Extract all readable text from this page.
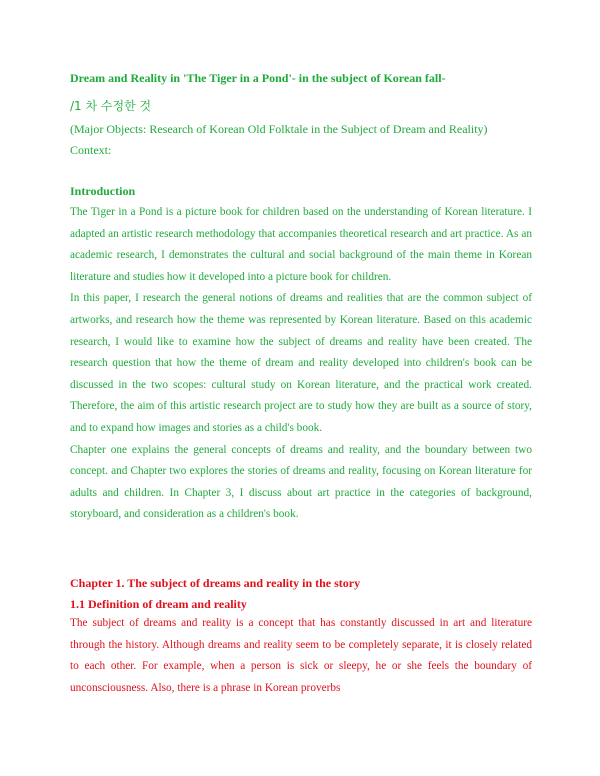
Dream and Reality in 'The Tiger in a Pond'- in the subject of Korean fall-
/1 차 수정한 것
(Major Objects: Research of Korean Old Folktale in the Subject of Dream and Reality)
Context:
Introduction

The Tiger in a Pond is a picture book for children based on the understanding of Korean literature. I adapted an artistic research methodology that accompanies theoretical research and art practice. As an academic research, I demonstrates the cultural and social background of the main theme in Korean literature and studies how it developed into a picture book for children.

In this paper, I research the general notions of dreams and realities that are the common subject of artworks, and research how the theme was represented by Korean literature. Based on this academic research, I would like to examine how the subject of dreams and reality have been created. The research question that how the theme of dream and reality developed into children's book can be discussed in the two scopes: cultural study on Korean literature, and the practical work created. Therefore, the aim of this artistic research project are to study how they are built as a source of story, and to expand how images and stories as a child's book.

Chapter one explains the general concepts of dreams and reality, and the boundary between two concept. and Chapter two explores the stories of dreams and reality, focusing on Korean literature for adults and children. In Chapter 3, I discuss about art practice in the categories of background, storyboard, and consideration as a children's book.

Chapter 1. The subject of dreams and reality in the story
1.1 Definition of dream and reality

The subject of dreams and reality is a concept that has constantly discussed in art and literature through the history. Although dreams and reality seem to be completely separate, it is closely related to each other. For example, when a person is sick or sleepy, he or she feels the boundary of unconsciousness. Also, there is a phrase in Korean proverbs
